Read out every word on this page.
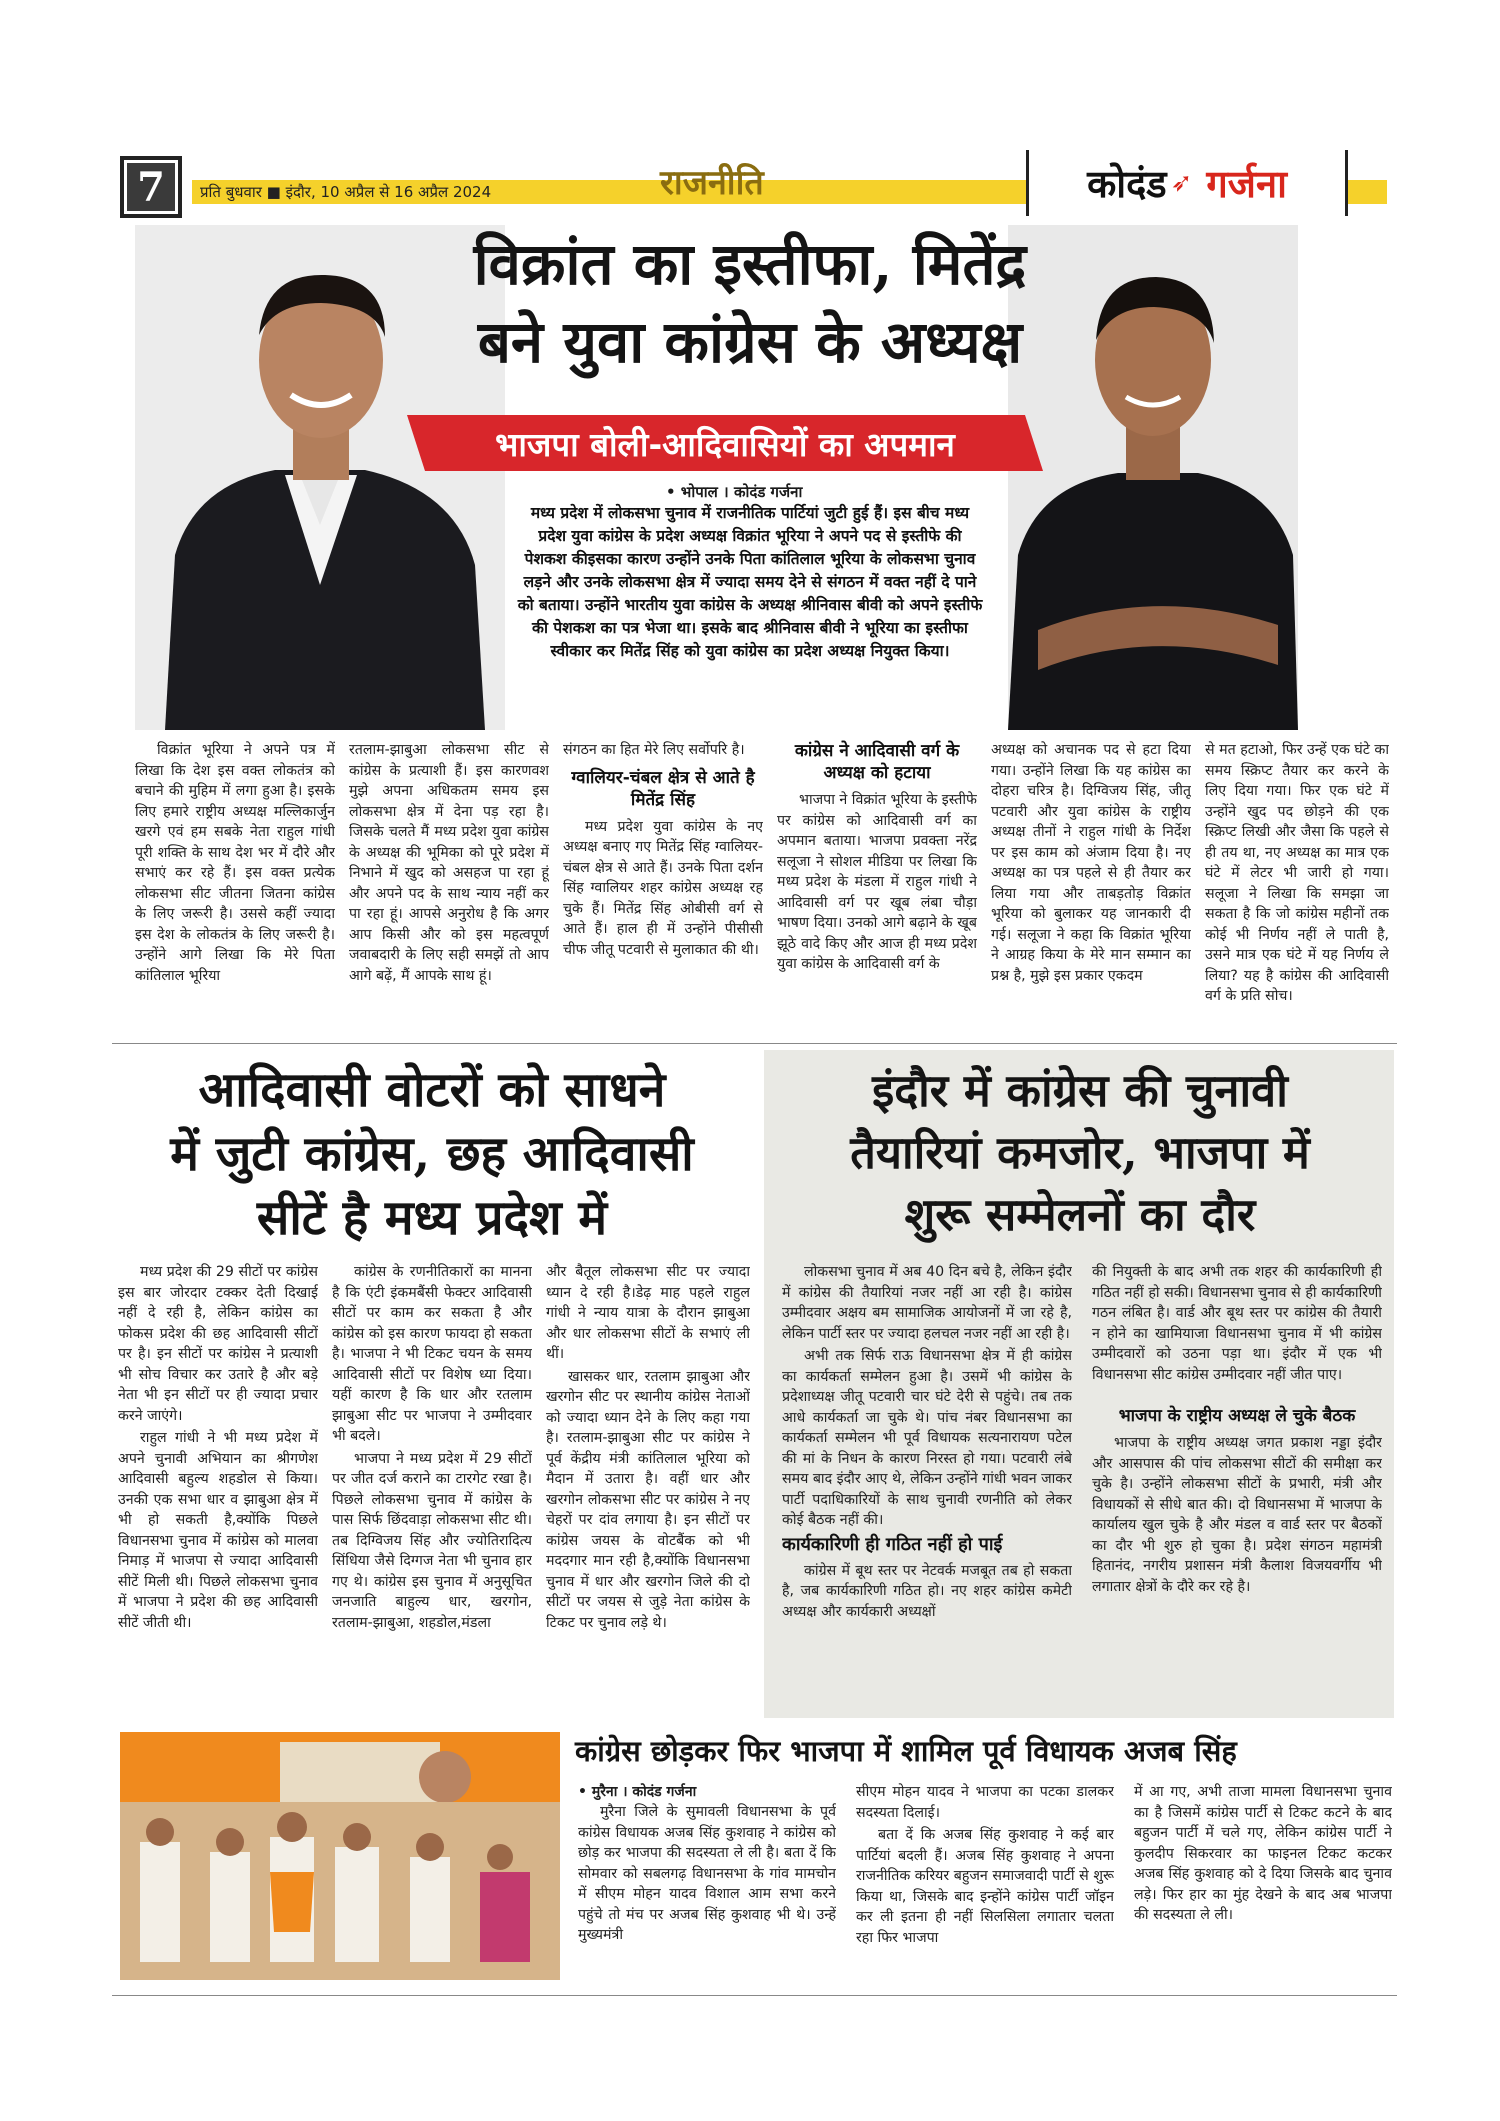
7	प्रति बुधवार ■ इंदौर, 10 अप्रैल से 16 अप्रैल 2024	राजनीति	कोदंड ➶ गर्जना
विक्रांत का इस्तीफा, मितेंद्र
बने युवा कांग्रेस के अध्यक्ष
भाजपा बोली-आदिवासियों का अपमान
• भोपाल । कोदंड गर्जना
मध्य प्रदेश में लोकसभा चुनाव में राजनीतिक पार्टियां जुटी हुई हैं। इस बीच मध्य प्रदेश युवा कांग्रेस के प्रदेश अध्यक्ष विक्रांत भूरिया ने अपने पद से इस्तीफे की पेशकश कीइसका कारण उन्होंने उनके पिता कांतिलाल भूरिया के लोकसभा चुनाव लड़ने और उनके लोकसभा क्षेत्र में ज्यादा समय देने से संगठन में वक्त नहीं दे पाने को बताया। उन्होंने भारतीय युवा कांग्रेस के अध्यक्ष श्रीनिवास बीवी को अपने इस्तीफे की पेशकश का पत्र भेजा था। इसके बाद श्रीनिवास बीवी ने भूरिया का इस्तीफा स्वीकार कर मितेंद्र सिंह को युवा कांग्रेस का प्रदेश अध्यक्ष नियुक्त किया।

विक्रांत भूरिया ने अपने पत्र में लिखा कि देश इस वक्त लोकतंत्र को बचाने की मुहिम में लगा हुआ है। इसके लिए हमारे राष्ट्रीय अध्यक्ष मल्लिकार्जुन खरगे एवं हम सबके नेता राहुल गांधी पूरी शक्ति के साथ देश भर में दौरे और सभाएं कर रहे हैं। इस वक्त प्रत्येक लोकसभा सीट जीतना जितना कांग्रेस के लिए जरूरी है। उससे कहीं ज्यादा इस देश के लोकतंत्र के लिए जरूरी है। उन्होंने आगे लिखा कि मेरे पिता कांतिलाल भूरिया

रतलाम-झाबुआ लोकसभा सीट से कांग्रेस के प्रत्याशी हैं। इस कारणवश मुझे अपना अधिकतम समय इस लोकसभा क्षेत्र में देना पड़ रहा है। जिसके चलते मैं मध्य प्रदेश युवा कांग्रेस के अध्यक्ष की भूमिका को पूरे प्रदेश में निभाने में खुद को असहज पा रहा हूं और अपने पद के साथ न्याय नहीं कर पा रहा हूं। आपसे अनुरोध है कि अगर आप किसी और को इस महत्वपूर्ण जवाबदारी के लिए सही समझें तो आप आगे बढ़ें, मैं आपके साथ हूं।

संगठन का हित मेरे लिए सर्वोपरि है।

ग्वालियर-चंबल क्षेत्र से आते है मितेंद्र सिंह

मध्य प्रदेश युवा कांग्रेस के नए अध्यक्ष बनाए गए मितेंद्र सिंह ग्वालियर-चंबल क्षेत्र से आते हैं। उनके पिता दर्शन सिंह ग्वालियर शहर कांग्रेस अध्यक्ष रह चुके हैं। मितेंद्र सिंह ओबीसी वर्ग से आते हैं। हाल ही में उन्होंने पीसीसी चीफ जीतू पटवारी से मुलाकात की थी।

कांग्रेस ने आदिवासी वर्ग के अध्यक्ष को हटाया

भाजपा ने विक्रांत भूरिया के इस्तीफे पर कांग्रेस को आदिवासी वर्ग का अपमान बताया। भाजपा प्रवक्ता नरेंद्र सलूजा ने सोशल मीडिया पर लिखा कि मध्य प्रदेश के मंडला में राहुल गांधी ने आदिवासी वर्ग पर खूब लंबा चौड़ा भाषण दिया। उनको आगे बढ़ाने के खूब झूठे वादे किए और आज ही मध्य प्रदेश युवा कांग्रेस के आदिवासी वर्ग के

अध्यक्ष को अचानक पद से हटा दिया गया। उन्होंने लिखा कि यह कांग्रेस का दोहरा चरित्र है। दिग्विजय सिंह, जीतू पटवारी और युवा कांग्रेस के राष्ट्रीय अध्यक्ष तीनों ने राहुल गांधी के निर्देश पर इस काम को अंजाम दिया है। नए अध्यक्ष का पत्र पहले से ही तैयार कर लिया गया और ताबड़तोड़ विक्रांत भूरिया को बुलाकर यह जानकारी दी गई। सलूजा ने कहा कि विक्रांत भूरिया ने आग्रह किया के मेरे मान सम्मान का प्रश्न है, मुझे इस प्रकार एकदम

से मत हटाओ, फिर उन्हें एक घंटे का समय स्क्रिप्ट तैयार कर करने के लिए दिया गया। फिर एक घंटे में उन्होंने खुद पद छोड़ने की एक स्क्रिप्ट लिखी और जैसा कि पहले से ही तय था, नए अध्यक्ष का मात्र एक घंटे में लेटर भी जारी हो गया। सलूजा ने लिखा कि समझा जा सकता है कि जो कांग्रेस महीनों तक कोई भी निर्णय नहीं ले पाती है, उसने मात्र एक घंटे में यह निर्णय ले लिया? यह है कांग्रेस की आदिवासी वर्ग के प्रति सोच।

आदिवासी वोटरों को साधने
में जुटी कांग्रेस, छह आदिवासी
सीटें है मध्य प्रदेश में

मध्य प्रदेश की 29 सीटों पर कांग्रेस इस बार जोरदार टक्कर देती दिखाई नहीं दे रही है, लेकिन कांग्रेस का फोकस प्रदेश की छह आदिवासी सीटों पर है। इन सीटों पर कांग्रेस ने प्रत्याशी भी सोच विचार कर उतारे है और बड़े नेता भी इन सीटों पर ही ज्यादा प्रचार करने जाएंगे।

राहुल गांधी ने भी मध्य प्रदेश में अपने चुनावी अभियान का श्रीगणेश आदिवासी बहुल्य शहडोल से किया।उनकी एक सभा धार व झाबुआ क्षेत्र में भी हो सकती है,क्योंकि पिछले विधानसभा चुनाव में कांग्रेस को मालवा निमाड़ में भाजपा से ज्यादा आदिवासी सीटें मिली थी। पिछले लोकसभा चुनाव में भाजपा ने प्रदेश की छह आदिवासी सीटें जीती थी।

कांग्रेस के रणनीतिकारों का मानना है कि एंटी इंकमबैंसी फेक्टर आदिवासी सीटों पर काम कर सकता है और कांग्रेस को इस कारण फायदा हो सकता है। भाजपा ने भी टिकट चयन के समय आदिवासी सीटों पर विशेष ध्या दिया। यहीं कारण है कि धार और रतलाम झाबुआ सीट पर भाजपा ने उम्मीदवार भी बदले।

भाजपा ने मध्य प्रदेश में 29 सीटों पर जीत दर्ज कराने का टारगेट रखा है। पिछले लोकसभा चुनाव में कांग्रेस के पास सिर्फ छिंदवाड़ा लोकसभा सीट थी। तब दिग्विजय सिंह और ज्योतिरादित्य सिंधिया जैसे दिग्गज नेता भी चुनाव हार गए थे। कांग्रेस इस चुनाव में अनुसूचित जनजाति बाहुल्य धार, खरगोन, रतलाम-झाबुआ, शहडोल,मंडला

और बैतूल लोकसभा सीट पर ज्यादा ध्यान दे रही है।डेढ़ माह पहले राहुल गांधी ने न्याय यात्रा के दौरान झाबुआ और धार लोकसभा सीटों के सभाएं ली थीं।

खासकर धार, रतलाम झाबुआ और खरगोन सीट पर स्थानीय कांग्रेस नेताओं को ज्यादा ध्यान देने के लिए कहा गया है। रतलाम-झाबुआ सीट पर कांग्रेस ने पूर्व केंद्रीय मंत्री कांतिलाल भूरिया को मैदान में उतारा है। वहीं धार और खरगोन लोकसभा सीट पर कांग्रेस ने नए चेहरों पर दांव लगाया है। इन सीटों पर कांग्रेस जयस के वोटबैंक को भी मददगार मान रही है,क्योंकि विधानसभा चुनाव में धार और खरगोन जिले की दो सीटों पर जयस से जुड़े नेता कांग्रेस के टिकट पर चुनाव लड़े थे।

इंदौर में कांग्रेस की चुनावी
तैयारियां कमजोर, भाजपा में
शुरू सम्मेलनों का दौर

लोकसभा चुनाव में अब 40 दिन बचे है, लेकिन इंदौर में कांग्रेस की तैयारियां नजर नहीं आ रही है। कांग्रेस उम्मीदवार अक्षय बम सामाजिक आयोजनों में जा रहे है, लेकिन पार्टी स्तर पर ज्यादा हलचल नजर नहीं आ रही है।

अभी तक सिर्फ राऊ विधानसभा क्षेत्र में ही कांग्रेस का कार्यकर्ता सम्मेलन हुआ है। उसमें भी कांग्रेस के प्रदेशाध्यक्ष जीतू पटवारी चार घंटे देरी से पहुंचे। तब तक आधे कार्यकर्ता जा चुके थे। पांच नंबर विधानसभा का कार्यकर्ता सम्मेलन भी पूर्व विधायक सत्यनारायण पटेल की मां के निधन के कारण निरस्त हो गया। पटवारी लंबे समय बाद इंदौर आए थे, लेकिन उन्होंने गांधी भवन जाकर पार्टी पदाधिकारियों के साथ चुनावी रणनीति को लेकर कोई बैठक नहीं की।

कार्यकारिणी ही गठित नहीं हो पाई

कांग्रेस में बूथ स्तर पर नेटवर्क मजबूत तब हो सकता है, जब कार्यकारिणी गठित हो। नए शहर कांग्रेस कमेटी अध्यक्ष और कार्यकारी अध्यक्षों

की नियुक्ती के बाद अभी तक शहर की कार्यकारिणी ही गठित नहीं हो सकी। विधानसभा चुनाव से ही कार्यकारिणी गठन लंबित है। वार्ड और बूथ स्तर पर कांग्रेस की तैयारी न होने का खामियाजा विधानसभा चुनाव में भी कांग्रेस उम्मीदवारों को उठना पड़ा था। इंदौर में एक भी विधानसभा सीट कांग्रेस उम्मीदवार नहीं जीत पाए।

भाजपा के राष्ट्रीय अध्यक्ष ले चुके बैठक

भाजपा के राष्ट्रीय अध्यक्ष जगत प्रकाश नड्डा इंदौर और आसपास की पांच लोकसभा सीटों की समीक्षा कर चुके है। उन्होंने लोकसभा सीटों के प्रभारी, मंत्री और विधायकों से सीधे बात की। दो विधानसभा में भाजपा के कार्यालय खुल चुके है और मंडल व वार्ड स्तर पर बैठकों का दौर भी शुरु हो चुका है। प्रदेश संगठन महामंत्री हितानंद, नगरीय प्रशासन मंत्री कैलाश विजयवर्गीय भी लगातार क्षेत्रों के दौरे कर रहे है।

कांग्रेस छोड़कर फिर भाजपा में शामिल पूर्व विधायक अजब सिंह
• मुरैना । कोदंड गर्जना

मुरैना जिले के सुमावली विधानसभा के पूर्व कांग्रेस विधायक अजब सिंह कुशवाह ने कांग्रेस को छोड़ कर भाजपा की सदस्यता ले ली है। बता दें कि सोमवार को सबलगढ़ विधानसभा के गांव मामचोन में सीएम मोहन यादव विशाल आम सभा करने पहुंचे तो मंच पर अजब सिंह कुशवाह भी थे। उन्हें मुख्यमंत्री

सीएम मोहन यादव ने भाजपा का पटका डालकर सदस्यता दिलाई।

बता दें कि अजब सिंह कुशवाह ने कई बार पार्टियां बदली हैं। अजब सिंह कुशवाह ने अपना राजनीतिक करियर बहुजन समाजवादी पार्टी से शुरू किया था, जिसके बाद इन्होंने कांग्रेस पार्टी जॉइन कर ली इतना ही नहीं सिलसिला लगातार चलता रहा फिर भाजपा

में आ गए, अभी ताजा मामला विधानसभा चुनाव का है जिसमें कांग्रेस पार्टी से टिकट कटने के बाद बहुजन पार्टी में चले गए, लेकिन कांग्रेस पार्टी ने कुलदीप सिकरवार का फाइनल टिकट कटकर अजब सिंह कुशवाह को दे दिया जिसके बाद चुनाव लड़े। फिर हार का मुंह देखने के बाद अब भाजपा की सदस्यता ले ली।
